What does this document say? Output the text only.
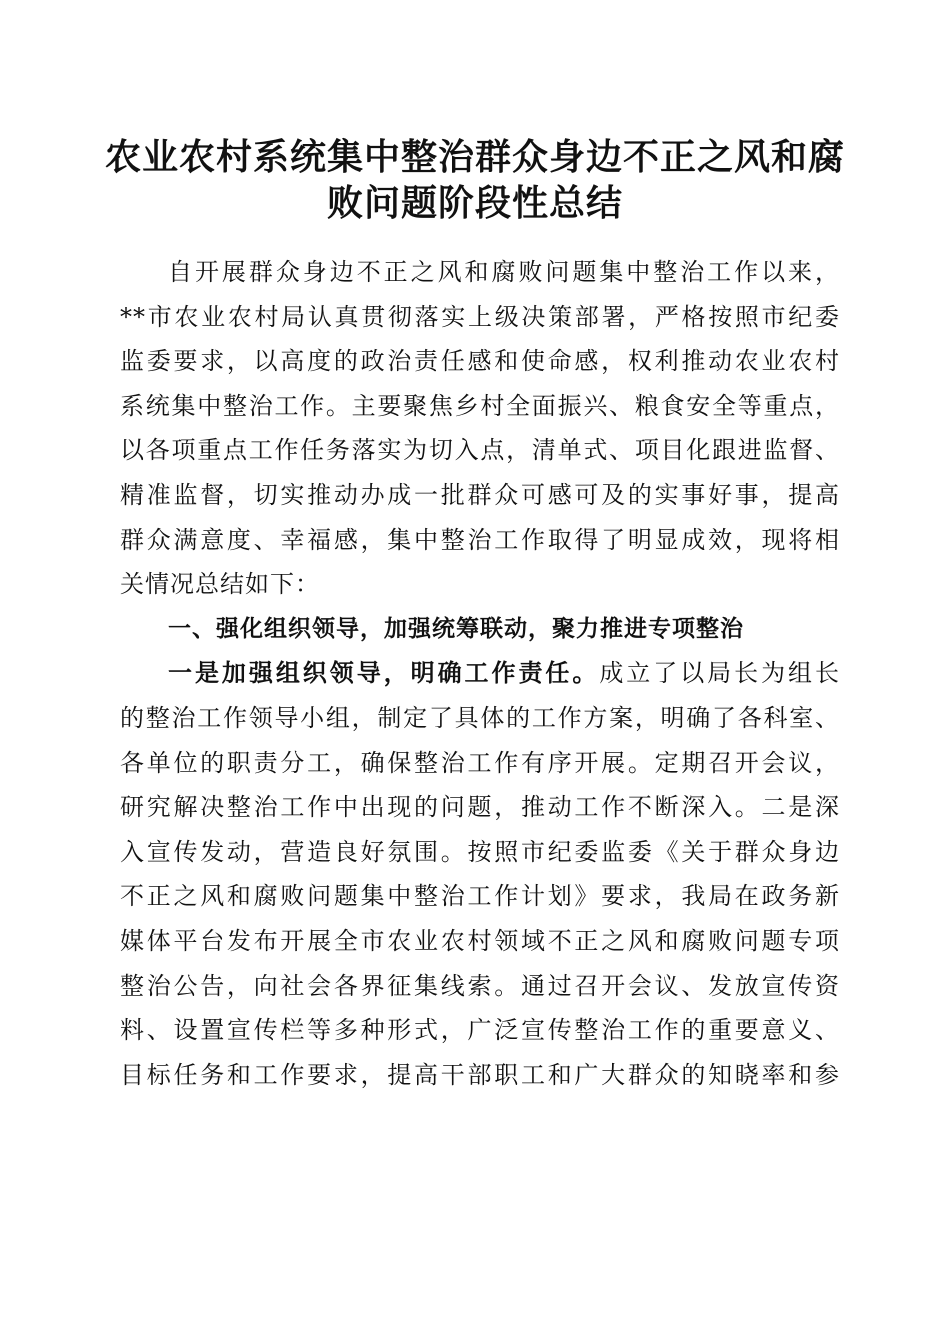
农业农村系统集中整治群众身边不正之风和腐
败问题阶段性总结
自开展群众身边不正之风和腐败问题集中整治工作以来，
**市农业农村局认真贯彻落实上级决策部署，严格按照市纪委
监委要求，以高度的政治责任感和使命感，权利推动农业农村
系统集中整治工作。主要聚焦乡村全面振兴、粮食安全等重点，
以各项重点工作任务落实为切入点，清单式、项目化跟进监督、
精准监督，切实推动办成一批群众可感可及的实事好事，提高
群众满意度、幸福感，集中整治工作取得了明显成效，现将相
关情况总结如下：
一、强化组织领导，加强统筹联动，聚力推进专项整治
一是加强组织领导，明确工作责任。成立了以局长为组长
的整治工作领导小组，制定了具体的工作方案，明确了各科室、
各单位的职责分工，确保整治工作有序开展。定期召开会议，
研究解决整治工作中出现的问题，推动工作不断深入。二是深
入宣传发动，营造良好氛围。按照市纪委监委《关于群众身边
不正之风和腐败问题集中整治工作计划》要求，我局在政务新
媒体平台发布开展全市农业农村领域不正之风和腐败问题专项
整治公告，向社会各界征集线索。通过召开会议、发放宣传资
料、设置宣传栏等多种形式，广泛宣传整治工作的重要意义、
目标任务和工作要求，提高干部职工和广大群众的知晓率和参
